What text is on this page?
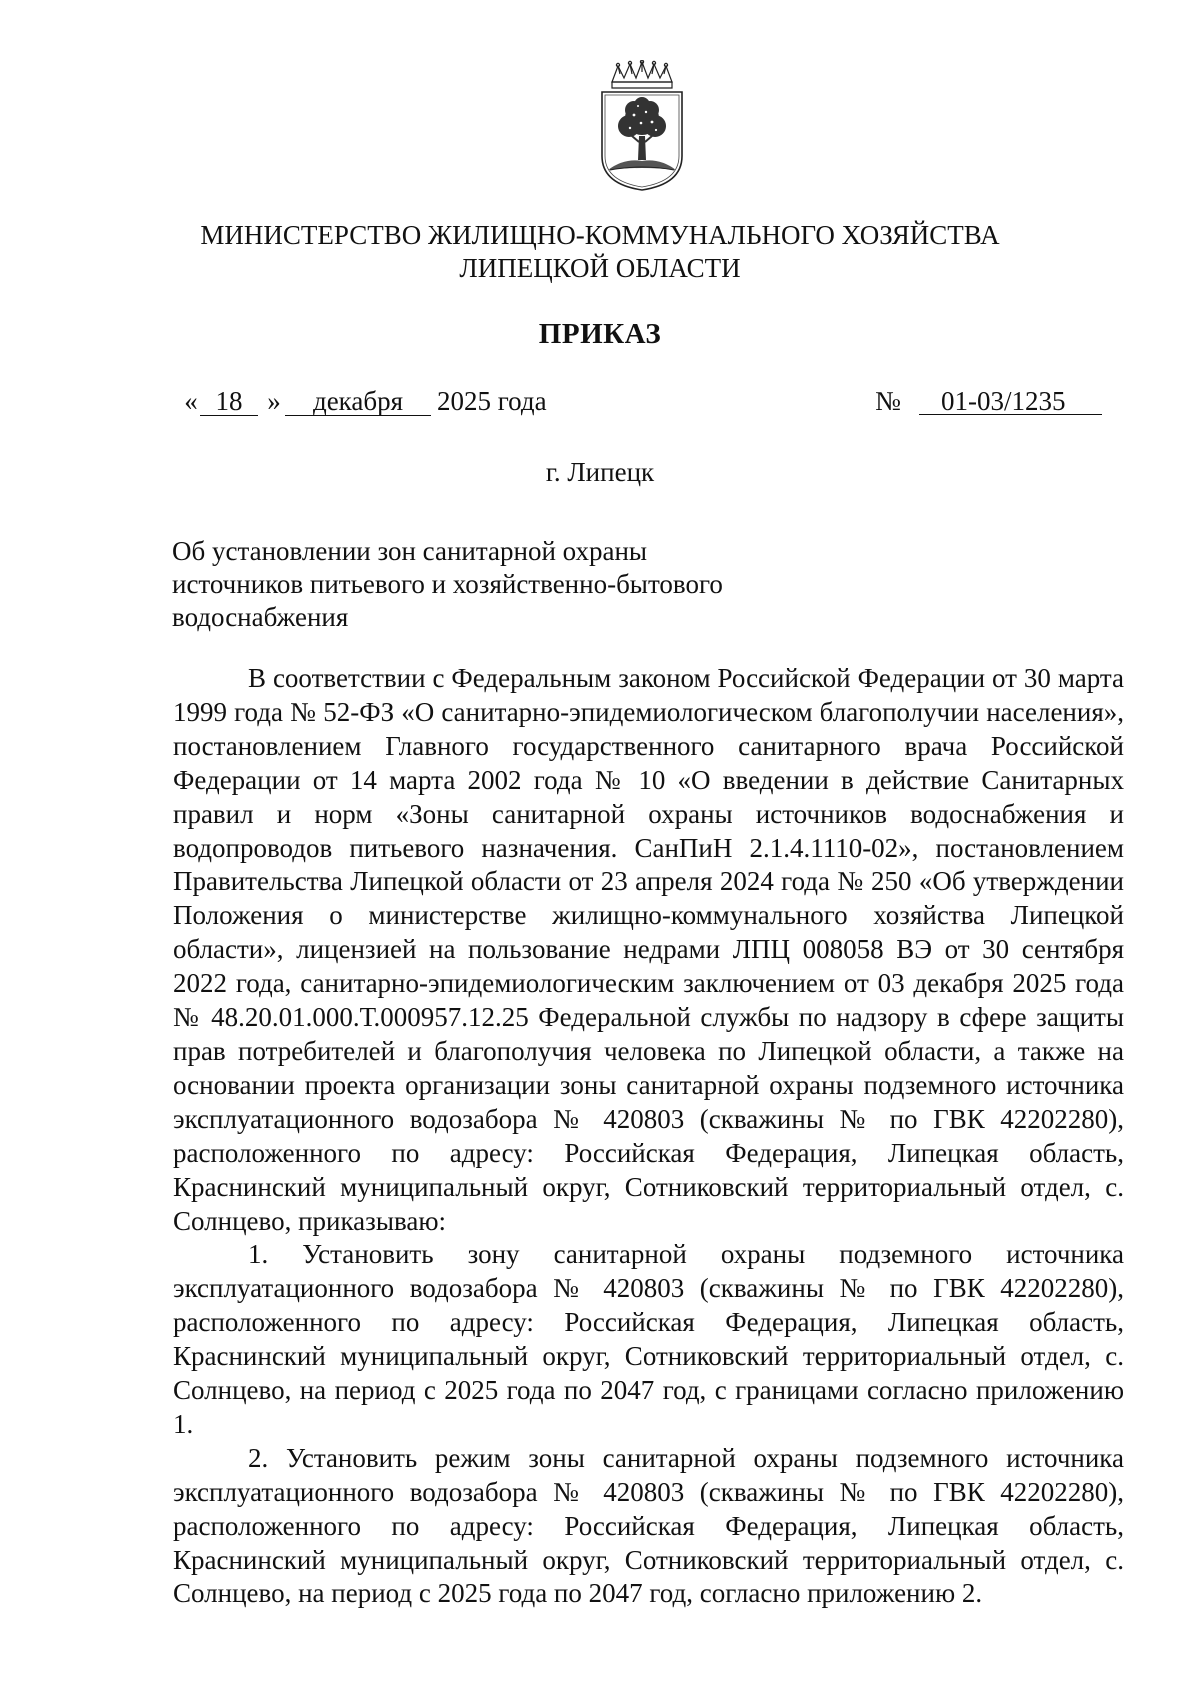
МИНИСТЕРСТВО ЖИЛИЩНО-КОММУНАЛЬНОГО ХОЗЯЙСТВА
ЛИПЕЦКОЙ ОБЛАСТИ
ПРИКАЗ
« 18 »	декабря	2025 года	№	01-03/1235
г. Липецк
Об установлении зон санитарной охраны
источников питьевого и хозяйственно-бытового
водоснабжения

В соответствии с Федеральным законом Российской Федерации от 30 марта 1999 года № 52-ФЗ «О санитарно-эпидемиологическом благополучии населения», постановлением Главного государственного санитарного врача Российской Федерации от 14 марта 2002 года № 10 «О введении в действие Санитарных правил и норм «Зоны санитарной охраны источников водоснабжения и водопроводов питьевого назначения. СанПиН 2.1.4.1110-02», постановлением Правительства Липецкой области от 23 апреля 2024 года № 250 «Об утверждении Положения о министерстве жилищно-коммунального хозяйства Липецкой области», лицензией на пользование недрами ЛПЦ 008058 ВЭ от 30 сентября 2022 года, санитарно-эпидемиологическим заключением от 03 декабря 2025 года № 48.20.01.000.Т.000957.12.25 Федеральной службы по надзору в сфере защиты прав потребителей и благополучия человека по Липецкой области, а также на основании проекта организации зоны санитарной охраны подземного источника эксплуатационного водозабора № 420803 (скважины № по ГВК 42202280), расположенного по адресу: Российская Федерация, Липецкая область, Краснинский муниципальный округ, Сотниковский территориальный отдел, с. Солнцево, приказываю:

1. Установить зону санитарной охраны подземного источника эксплуатационного водозабора № 420803 (скважины № по ГВК 42202280), расположенного по адресу: Российская Федерация, Липецкая область, Краснинский муниципальный округ, Сотниковский территориальный отдел, с. Солнцево, на период с 2025 года по 2047 год, с границами согласно приложению 1.

2. Установить режим зоны санитарной охраны подземного источника эксплуатационного водозабора № 420803 (скважины № по ГВК 42202280), расположенного по адресу: Российская Федерация, Липецкая область, Краснинский муниципальный округ, Сотниковский территориальный отдел, с. Солнцево, на период с 2025 года по 2047 год, согласно приложению 2.
